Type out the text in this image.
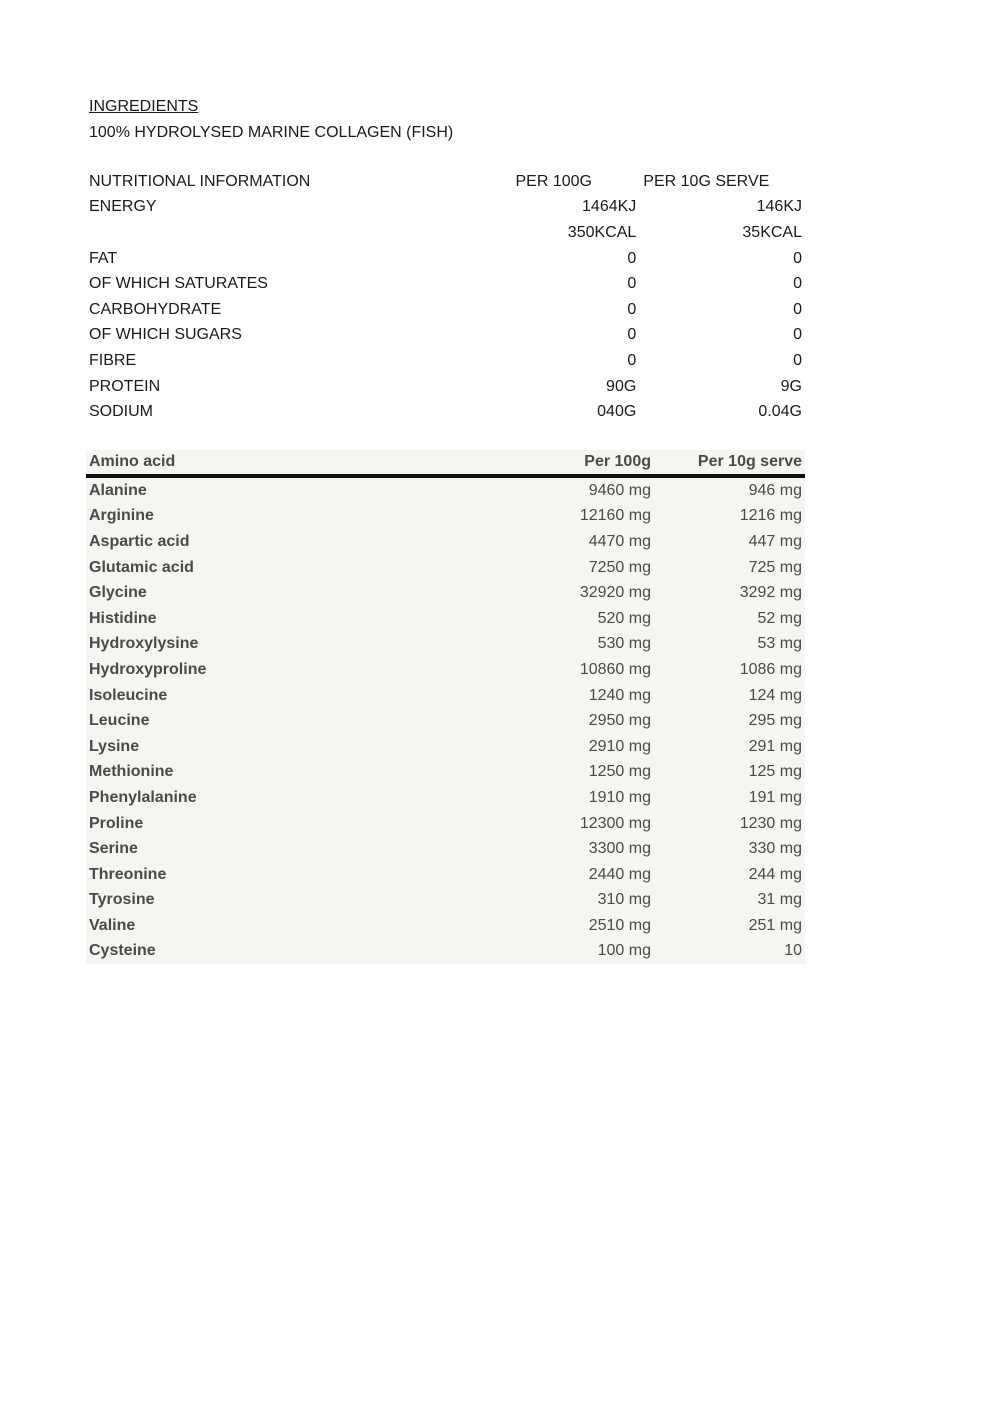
INGREDIENTS
100% HYDROLYSED MARINE COLLAGEN (FISH)
NUTRITIONAL INFORMATION	PER 100G	PER 10G SERVE
ENERGY	1464KJ	146KJ
	350KCAL	35KCAL
FAT	0	0
OF WHICH SATURATES	0	0
CARBOHYDRATE	0	0
OF WHICH SUGARS	0	0
FIBRE	0	0
PROTEIN	90G	9G
SODIUM	040G	0.04G
Amino acid	Per 100g	Per 10g serve
Alanine	9460 mg	946 mg
Arginine	12160 mg	1216 mg
Aspartic acid	4470 mg	447 mg
Glutamic acid	7250 mg	725 mg
Glycine	32920 mg	3292 mg
Histidine	520 mg	52 mg
Hydroxylysine	530 mg	53 mg
Hydroxyproline	10860 mg	1086 mg
Isoleucine	1240 mg	124 mg
Leucine	2950 mg	295 mg
Lysine	2910 mg	291 mg
Methionine	1250 mg	125 mg
Phenylalanine	1910 mg	191 mg
Proline	12300 mg	1230 mg
Serine	3300 mg	330 mg
Threonine	2440 mg	244 mg
Tyrosine	310 mg	31 mg
Valine	2510 mg	251 mg
Cysteine	100 mg	10
